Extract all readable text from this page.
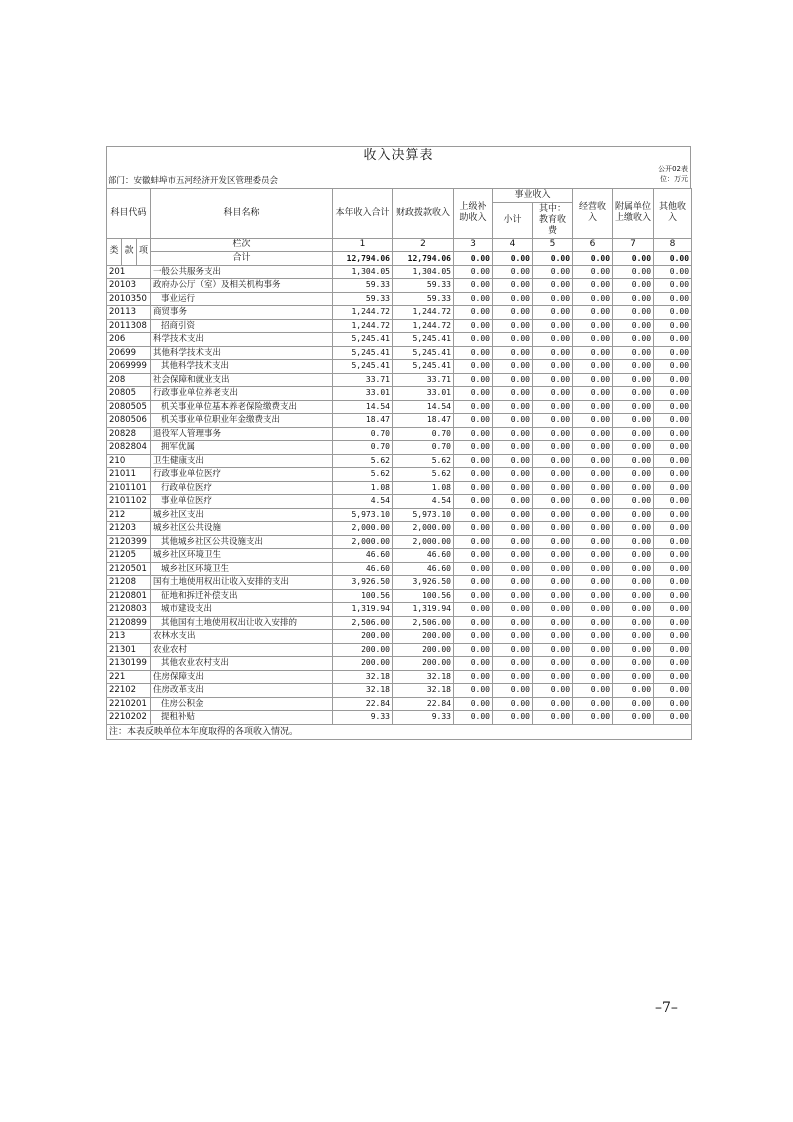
收入决算表
公开02表
位：万元
部门：安徽蚌埠市五河经济开发区管理委员会
科目代码			科目名称	本年收入合计	财政拨款收入	上级补助收入	事业收入		经营收入	附属单位上缴收入	其他收入
							小计	其中：教育收费			

类	款	项	栏次	1	2	3	4	5	6	7	8
			合计	12,794.06	12,794.06	0.00	0.00	0.00	0.00	0.00	0.00
201			一般公共服务支出	1,304.05	1,304.05	0.00	0.00	0.00	0.00	0.00	0.00
20103			政府办公厅（室）及相关机构事务	59.33	59.33	0.00	0.00	0.00	0.00	0.00	0.00
2010350			事业运行	59.33	59.33	0.00	0.00	0.00	0.00	0.00	0.00
20113			商贸事务	1,244.72	1,244.72	0.00	0.00	0.00	0.00	0.00	0.00
2011308			招商引资	1,244.72	1,244.72	0.00	0.00	0.00	0.00	0.00	0.00
206			科学技术支出	5,245.41	5,245.41	0.00	0.00	0.00	0.00	0.00	0.00
20699			其他科学技术支出	5,245.41	5,245.41	0.00	0.00	0.00	0.00	0.00	0.00
2069999			其他科学技术支出	5,245.41	5,245.41	0.00	0.00	0.00	0.00	0.00	0.00
208			社会保障和就业支出	33.71	33.71	0.00	0.00	0.00	0.00	0.00	0.00
20805			行政事业单位养老支出	33.01	33.01	0.00	0.00	0.00	0.00	0.00	0.00
2080505			机关事业单位基本养老保险缴费支出	14.54	14.54	0.00	0.00	0.00	0.00	0.00	0.00
2080506			机关事业单位职业年金缴费支出	18.47	18.47	0.00	0.00	0.00	0.00	0.00	0.00
20828			退役军人管理事务	0.70	0.70	0.00	0.00	0.00	0.00	0.00	0.00
2082804			拥军优属	0.70	0.70	0.00	0.00	0.00	0.00	0.00	0.00
210			卫生健康支出	5.62	5.62	0.00	0.00	0.00	0.00	0.00	0.00
21011			行政事业单位医疗	5.62	5.62	0.00	0.00	0.00	0.00	0.00	0.00
2101101			行政单位医疗	1.08	1.08	0.00	0.00	0.00	0.00	0.00	0.00
2101102			事业单位医疗	4.54	4.54	0.00	0.00	0.00	0.00	0.00	0.00
212			城乡社区支出	5,973.10	5,973.10	0.00	0.00	0.00	0.00	0.00	0.00
21203			城乡社区公共设施	2,000.00	2,000.00	0.00	0.00	0.00	0.00	0.00	0.00
2120399			其他城乡社区公共设施支出	2,000.00	2,000.00	0.00	0.00	0.00	0.00	0.00	0.00
21205			城乡社区环境卫生	46.60	46.60	0.00	0.00	0.00	0.00	0.00	0.00
2120501			城乡社区环境卫生	46.60	46.60	0.00	0.00	0.00	0.00	0.00	0.00
21208			国有土地使用权出让收入安排的支出	3,926.50	3,926.50	0.00	0.00	0.00	0.00	0.00	0.00
2120801			征地和拆迁补偿支出	100.56	100.56	0.00	0.00	0.00	0.00	0.00	0.00
2120803			城市建设支出	1,319.94	1,319.94	0.00	0.00	0.00	0.00	0.00	0.00
2120899			其他国有土地使用权出让收入安排的	2,506.00	2,506.00	0.00	0.00	0.00	0.00	0.00	0.00
213			农林水支出	200.00	200.00	0.00	0.00	0.00	0.00	0.00	0.00
21301			农业农村	200.00	200.00	0.00	0.00	0.00	0.00	0.00	0.00
2130199			其他农业农村支出	200.00	200.00	0.00	0.00	0.00	0.00	0.00	0.00
221			住房保障支出	32.18	32.18	0.00	0.00	0.00	0.00	0.00	0.00
22102			住房改革支出	32.18	32.18	0.00	0.00	0.00	0.00	0.00	0.00
2210201			住房公积金	22.84	22.84	0.00	0.00	0.00	0.00	0.00	0.00
2210202			提租补贴	9.33	9.33	0.00	0.00	0.00	0.00	0.00	0.00
注：本表反映单位本年度取得的各项收入情况。											
–7–
